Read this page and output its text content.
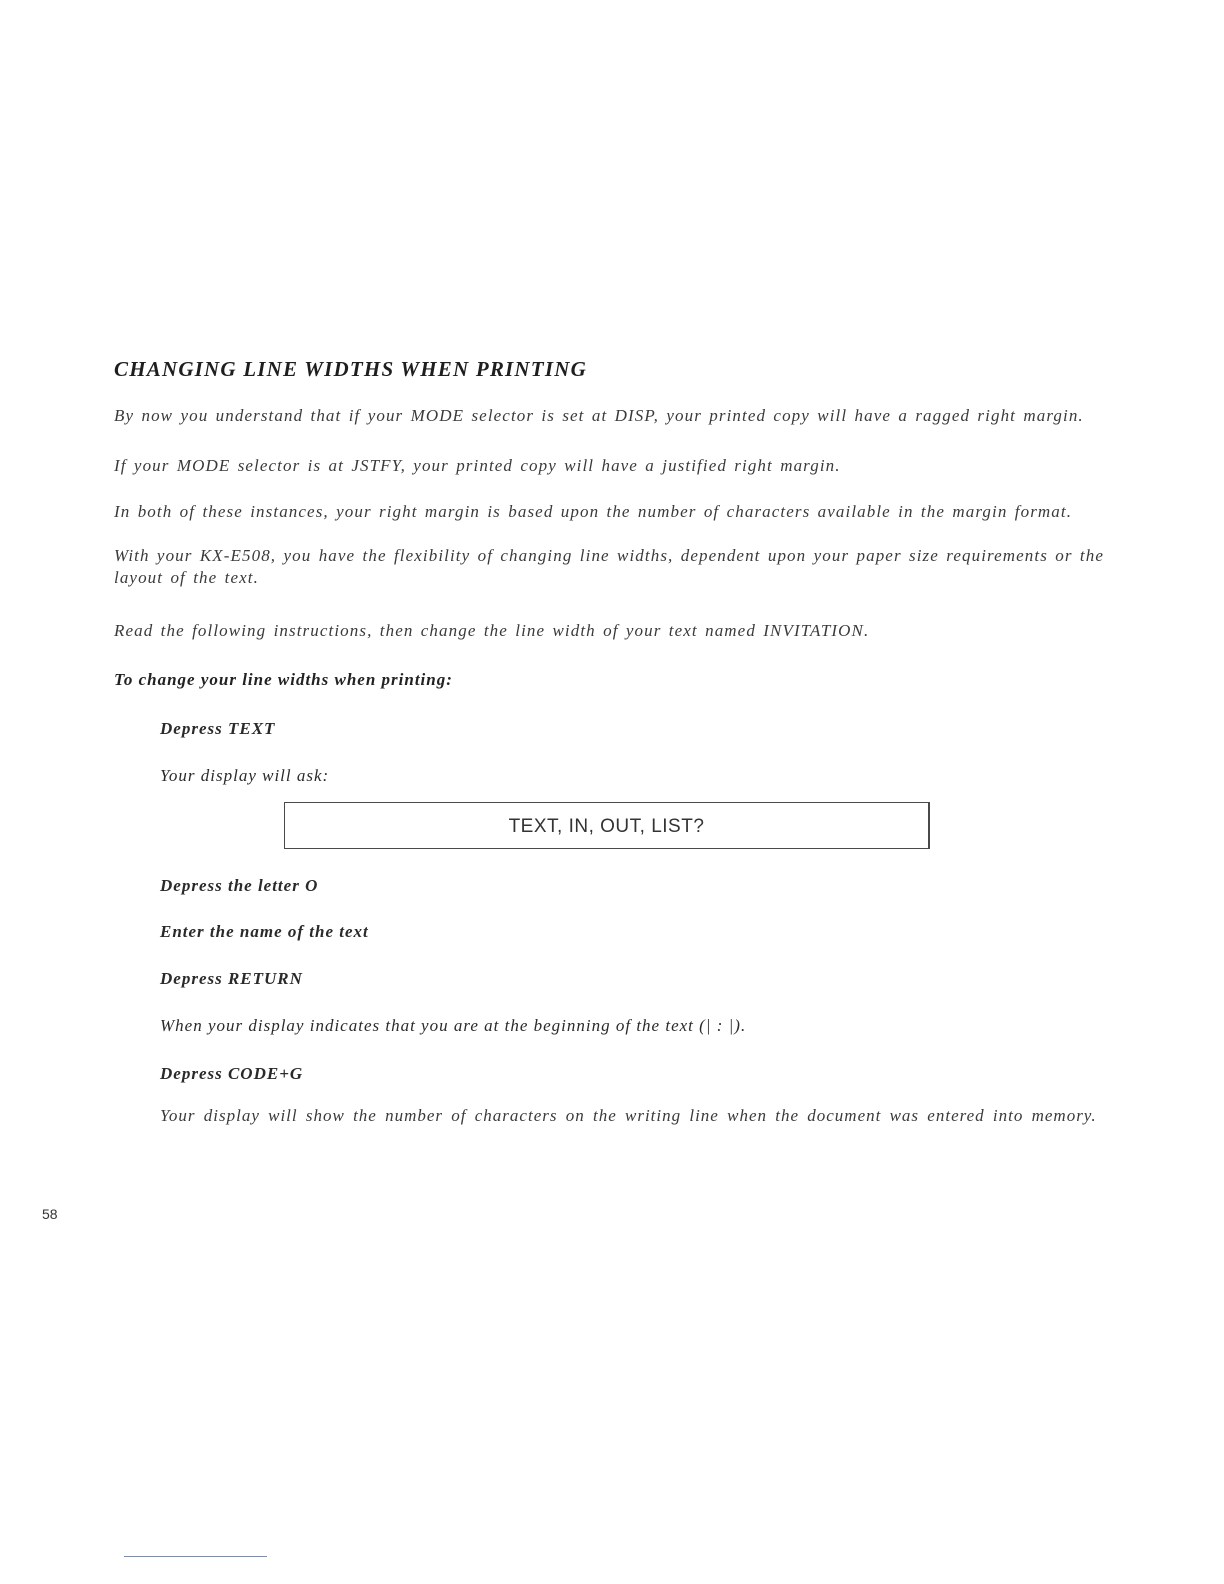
CHANGING LINE WIDTHS WHEN PRINTING
By now you understand that if your MODE selector is set at DISP, your printed copy will have a ragged right margin.
If your MODE selector is at JSTFY, your printed copy will have a justified right margin.
In both of these instances, your right margin is based upon the number of characters available in the margin format.
With your KX-E508, you have the flexibility of changing line widths, dependent upon your paper size requirements or the layout of the text.
Read the following instructions, then change the line width of your text named INVITATION.
To change your line widths when printing:
Depress TEXT
Your display will ask:
TEXT, IN, OUT, LIST?
Depress the letter O
Enter the name of the text
Depress RETURN
When your display indicates that you are at the beginning of the text (| : |).
Depress CODE+G
Your display will show the number of characters on the writing line when the document was entered into memory.
58
